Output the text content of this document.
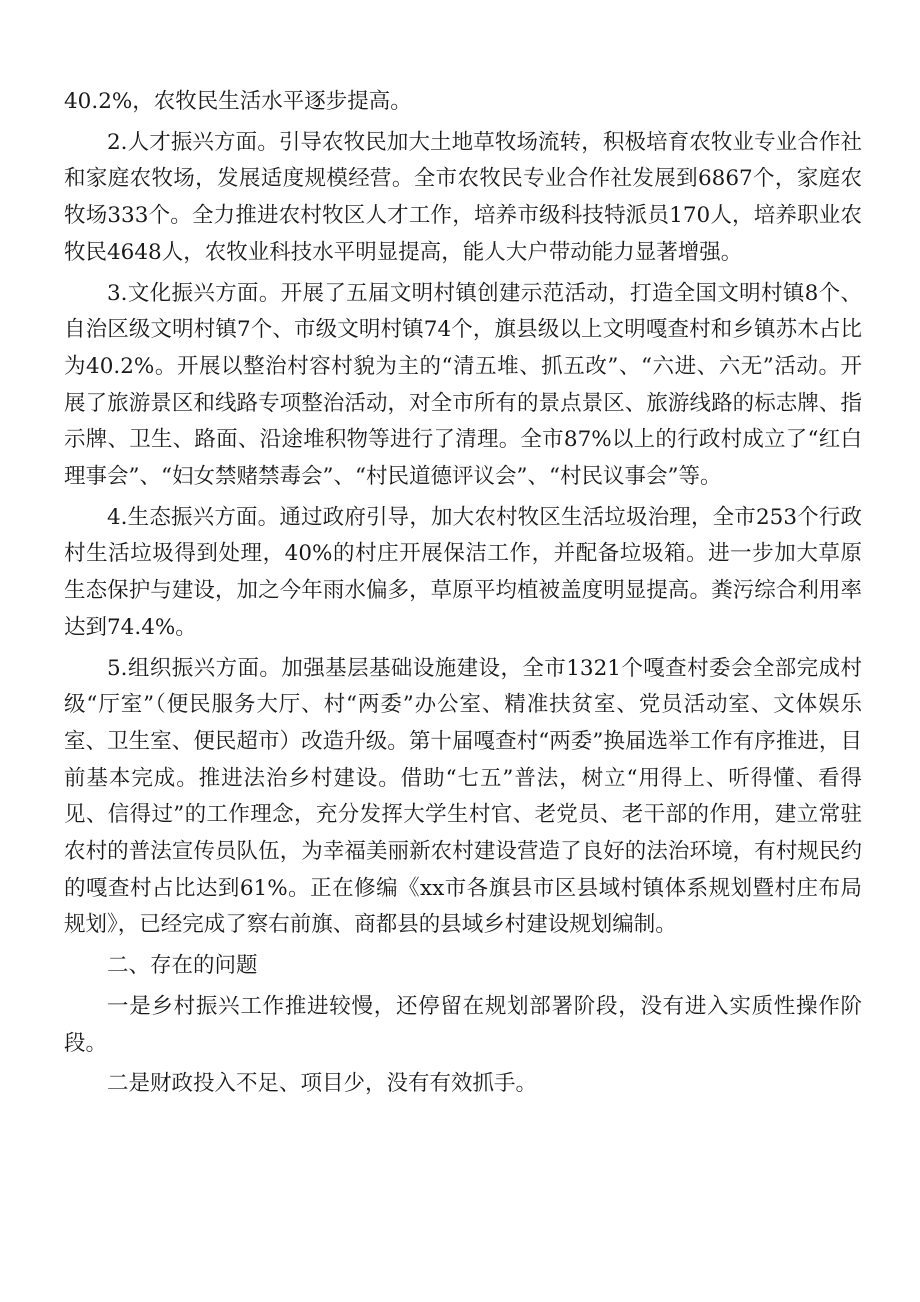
40.2%，农牧民生活水平逐步提高。

2.人才振兴方面。引导农牧民加大土地草牧场流转，积极培育农牧业专业合作社和家庭农牧场，发展适度规模经营。全市农牧民专业合作社发展到6867个，家庭农牧场333个。全力推进农村牧区人才工作，培养市级科技特派员170人，培养职业农牧民4648人，农牧业科技水平明显提高，能人大户带动能力显著增强。

3.文化振兴方面。开展了五届文明村镇创建示范活动，打造全国文明村镇8个、自治区级文明村镇7个、市级文明村镇74个，旗县级以上文明嘎查村和乡镇苏木占比为40.2%。开展以整治村容村貌为主的“清五堆、抓五改”、“六进、六无”活动。开展了旅游景区和线路专项整治活动，对全市所有的景点景区、旅游线路的标志牌、指示牌、卫生、路面、沿途堆积物等进行了清理。全市87%以上的行政村成立了“红白理事会”、“妇女禁赌禁毒会”、“村民道德评议会”、“村民议事会”等。

4.生态振兴方面。通过政府引导，加大农村牧区生活垃圾治理，全市253个行政村生活垃圾得到处理，40%的村庄开展保洁工作，并配备垃圾箱。进一步加大草原生态保护与建设，加之今年雨水偏多，草原平均植被盖度明显提高。粪污综合利用率达到74.4%。

5.组织振兴方面。加强基层基础设施建设，全市1321个嘎查村委会全部完成村级“厅室”（便民服务大厅、村“两委”办公室、精准扶贫室、党员活动室、文体娱乐室、卫生室、便民超市）改造升级。第十届嘎查村“两委”换届选举工作有序推进，目前基本完成。推进法治乡村建设。借助“七五”普法，树立“用得上、听得懂、看得见、信得过”的工作理念，充分发挥大学生村官、老党员、老干部的作用，建立常驻农村的普法宣传员队伍，为幸福美丽新农村建设营造了良好的法治环境，有村规民约的嘎查村占比达到61%。正在修编《xx市各旗县市区县域村镇体系规划暨村庄布局规划》，已经完成了察右前旗、商都县的县域乡村建设规划编制。

二、存在的问题

一是乡村振兴工作推进较慢，还停留在规划部署阶段，没有进入实质性操作阶段。

二是财政投入不足、项目少，没有有效抓手。
